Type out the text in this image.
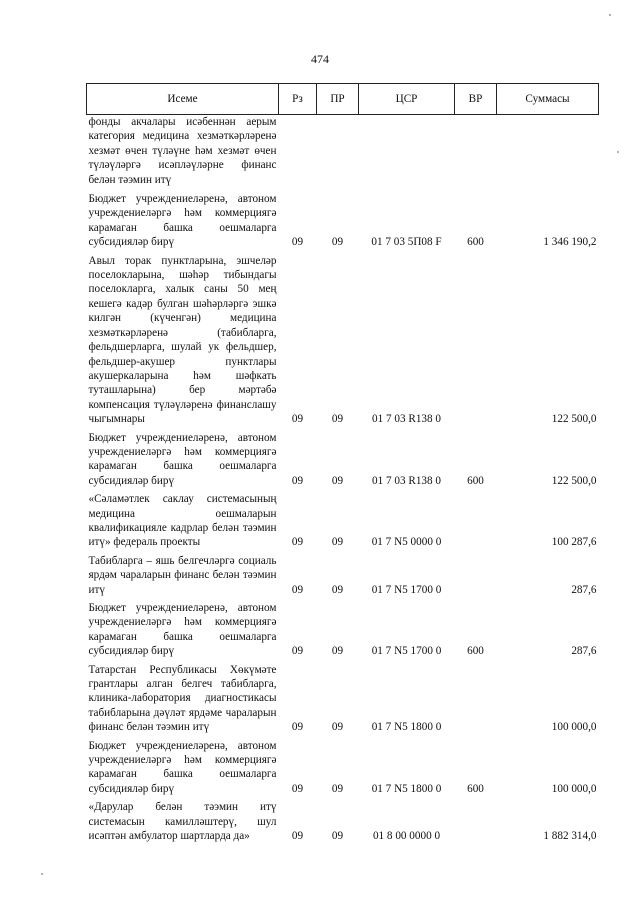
474
Исеме	Рз	ПР	ЦСР	ВР	Суммасы
фонды акчалары исәбеннән аерым категория медицина хезмәткәрләренә хезмәт өчен түләүне һәм хезмәт өчен түләүләргә исәпләүләрне финанс белән тәэмин итү					
Бюджет учреждениеләренә, автоном учреждениеләргә һәм коммерциягә карамаган башка оешмаларга субсидияләр бирү	09	09	01 7 03 5П08 F	600	1 346 190,2
Авыл торак пунктларына, эшчеләр поселокларына, шәһәр тибындагы поселокларга, халык саны 50 мең кешегә кадәр булган шәһәрләргә эшкә килгән (күченгән) медицина хезмәткәрләренә (табибларга, фельдшерларга, шулай ук фельдшер, фельдшер-акушер пунктлары акушеркаларына һәм шәфкать туташларына) бер мәртәбә компенсация түләүләренә финанслашу чыгымнары	09	09	01 7 03 R138 0		122 500,0
Бюджет учреждениеләренә, автоном учреждениеләргә һәм коммерциягә карамаган башка оешмаларга субсидияләр бирү	09	09	01 7 03 R138 0	600	122 500,0
«Сәламәтлек саклау системасының медицина оешмаларын квалификацияле кадрлар белән тәэмин итү» федераль проекты	09	09	01 7 N5 0000 0		100 287,6
Табибларга – яшь белгечләргә социаль ярдәм чараларын финанс белән тәэмин итү	09	09	01 7 N5 1700 0		287,6
Бюджет учреждениеләренә, автоном учреждениеләргә һәм коммерциягә карамаган башка оешмаларга субсидияләр бирү	09	09	01 7 N5 1700 0	600	287,6
Татарстан Республикасы Хөкүмәте грантлары алган белгеч табибларга, клиника-лаборатория диагностикасы табибларына дәүләт ярдәме чараларын финанс белән тәэмин итү	09	09	01 7 N5 1800 0		100 000,0
Бюджет учреждениеләренә, автоном учреждениеләргә һәм коммерциягә карамаган башка оешмаларга субсидияләр бирү	09	09	01 7 N5 1800 0	600	100 000,0
«Дарулар белән тәэмин итү системасын камилләштерү, шул исәптән амбулатор шартларда да»	09	09	01 8 00 0000 0		1 882 314,0
